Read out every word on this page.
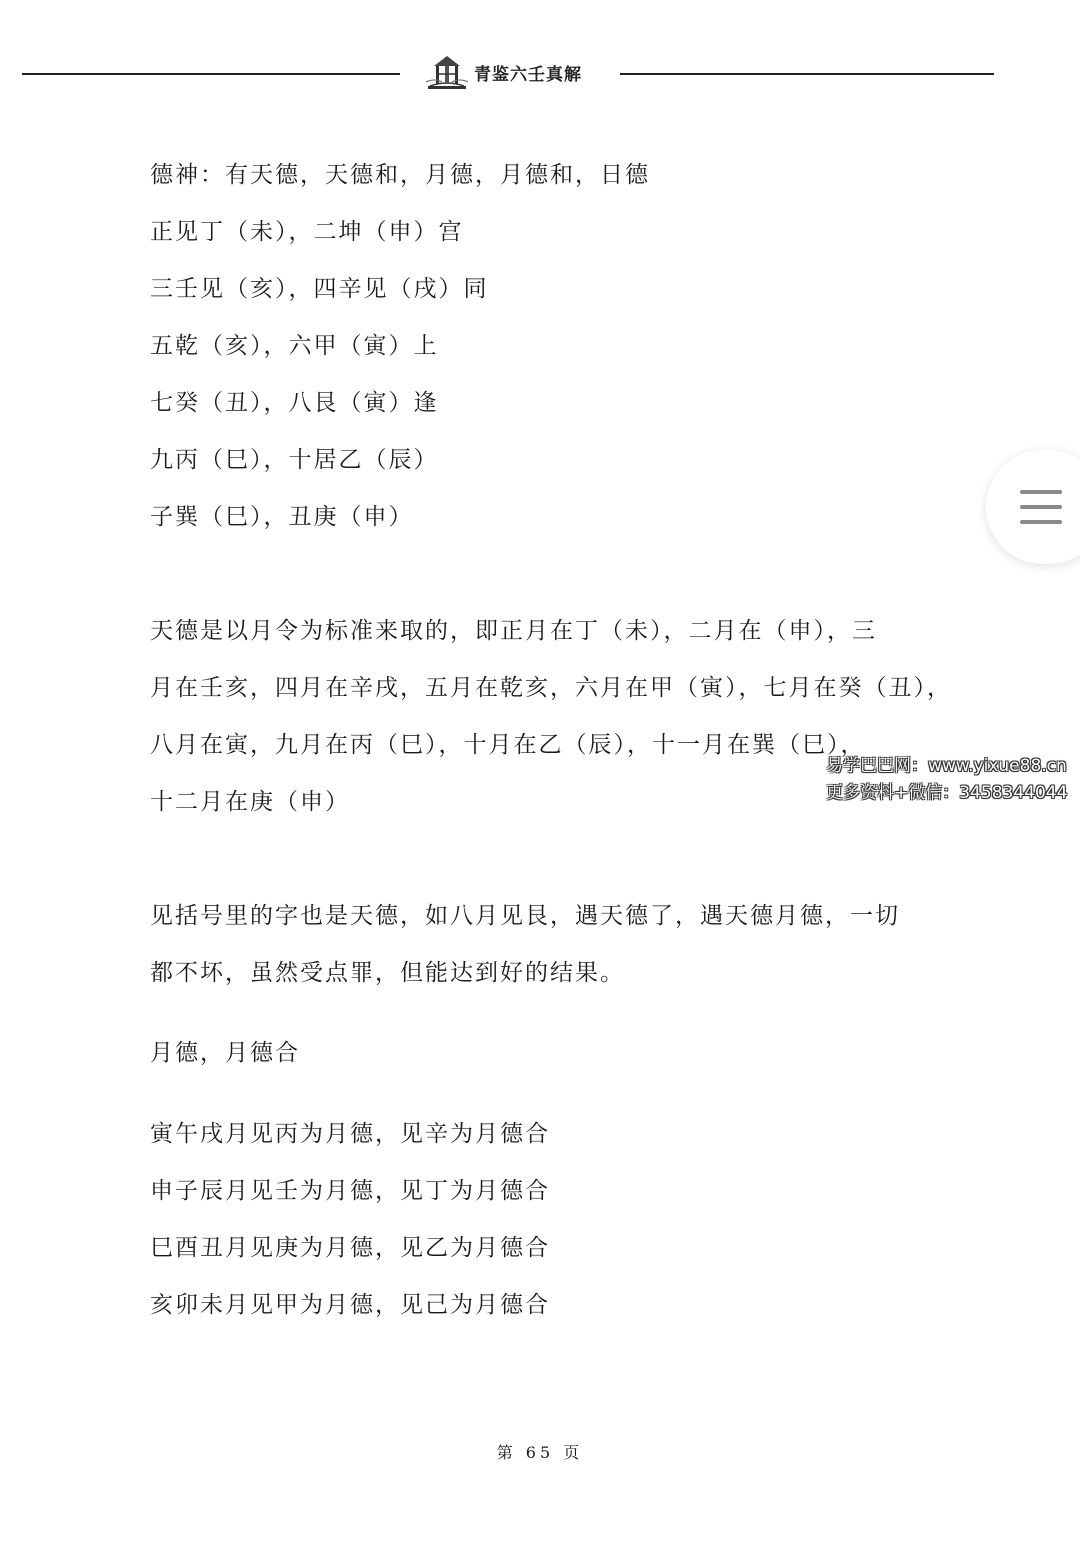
青鉴六壬真解
德神：有天德，天德和，月德，月德和，日德
正见丁（未），二坤（申）宫
三壬见（亥），四辛见（戌）同
五乾（亥），六甲（寅）上
七癸（丑），八艮（寅）逢
九丙（巳），十居乙（辰）
子巽（巳），丑庚（申）
天德是以月令为标准来取的，即正月在丁（未），二月在（申），三
月在壬亥，四月在辛戌，五月在乾亥，六月在甲（寅），七月在癸（丑），
八月在寅，九月在丙（巳），十月在乙（辰），十一月在巽（巳），
十二月在庚（申）
见括号里的字也是天德，如八月见艮，遇天德了，遇天德月德，一切
都不坏，虽然受点罪，但能达到好的结果。
月德，月德合
寅午戌月见丙为月德，见辛为月德合
申子辰月见壬为月德，见丁为月德合
巳酉丑月见庚为月德，见乙为月德合
亥卯未月见甲为月德，见己为月德合
第 65 页
易学巴巴网：www.yixue88.cn
更多资料+微信：3458344044
